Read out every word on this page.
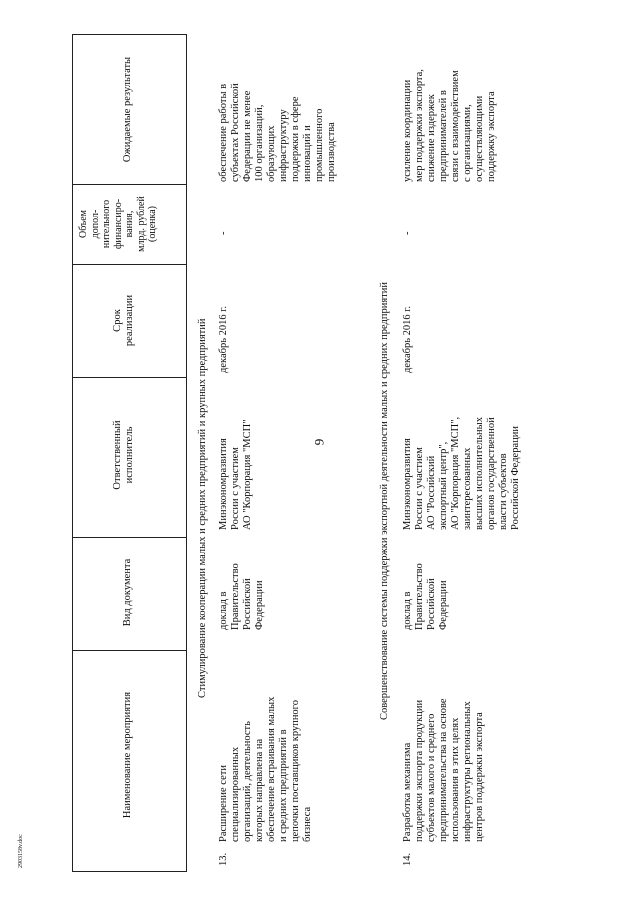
9
Наименование мероприятия
Вид документа
Ответственный
исполнитель
Срок
реализации
Объем
допол-
нительного
финансиро-
вания,
млрд. рублей
(оценка)
Ожидаемые результаты
Стимулирование кооперации малых и средних предприятий и крупных предприятий
13.
Расширение сети
специализированных
организаций, деятельность
которых направлена на
обеспечение встраивания малых
и средних предприятий в
цепочки поставщиков крупного
бизнеса
доклад в
Правительство
Российской
Федерации
Минэкономразвития
России с участием
АО "Корпорация "МСП"
декабрь 2016 г.
-
обеспечение работы в
субъектах Российской
Федерации не менее
100 организаций,
образующих
инфраструктуру
поддержки в сфере
инноваций и
промышленного
производства
Совершенствование системы поддержки экспортной деятельности малых и средних предприятий
14.
Разработка механизма
поддержки экспорта продукции
субъектов малого и среднего
предпринимательства на основе
использования в этих целях
инфраструктуры региональных
центров поддержки экспорта
доклад в
Правительство
Российской
Федерации
Минэкономразвития
России с участием
АО "Российский
экспортный центр",
АО "Корпорация "МСП",
заинтересованных
высших исполнительных
органов государственной
власти субъектов
Российской Федерации
декабрь 2016 г.
-
усиление координации
мер поддержки экспорта,
снижение издержек
предпринимателей в
связи с взаимодействием
с организациями,
осуществляющими
поддержку экспорта
2903158v.doc
